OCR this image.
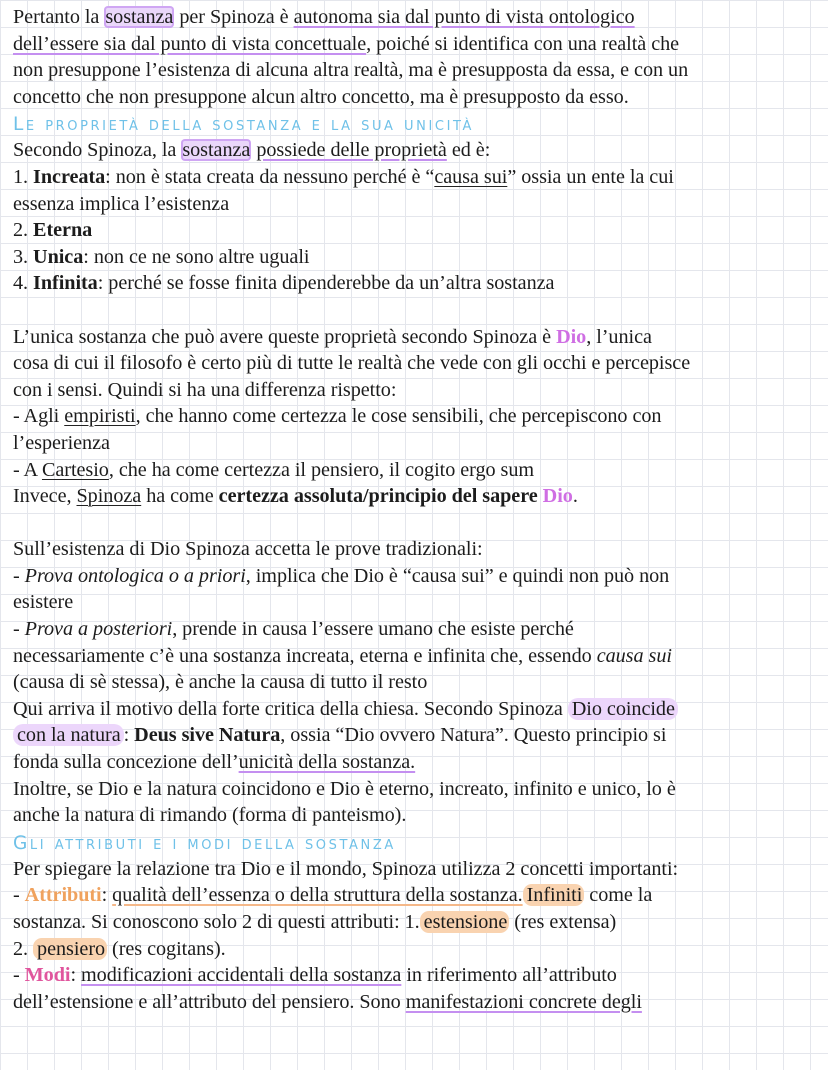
Pertanto la sostanza per Spinoza è autonoma sia dal punto di vista ontologico
dell’essere sia dal punto di vista concettuale, poiché si identifica con una realtà che
non presuppone l’esistenza di alcuna altra realtà, ma è presupposta da essa, e con un
concetto che non presuppone alcun altro concetto, ma è presupposto da esso.
Le proprietà della sostanza e la sua unicità
Secondo Spinoza, la sostanza possiede delle proprietà ed è:
1. Increata: non è stata creata da nessuno perché è “causa sui” ossia un ente la cui
essenza implica l’esistenza
2. Eterna
3. Unica: non ce ne sono altre uguali
4. Infinita: perché se fosse finita dipenderebbe da un’altra sostanza
L’unica sostanza che può avere queste proprietà secondo Spinoza è Dio, l’unica
cosa di cui il filosofo è certo più di tutte le realtà che vede con gli occhi e percepisce
con i sensi. Quindi si ha una differenza rispetto:
- Agli empiristi, che hanno come certezza le cose sensibili, che percepiscono con
l’esperienza
- A Cartesio, che ha come certezza il pensiero, il cogito ergo sum
Invece, Spinoza ha come certezza assoluta/principio del sapere Dio.
Sull’esistenza di Dio Spinoza accetta le prove tradizionali:
- Prova ontologica o a priori, implica che Dio è “causa sui” e quindi non può non
esistere
- Prova a posteriori, prende in causa l’essere umano che esiste perché
necessariamente c’è una sostanza increata, eterna e infinita che, essendo causa sui
(causa di sè stessa), è anche la causa di tutto il resto
Qui arriva il motivo della forte critica della chiesa. Secondo Spinoza Dio coincide
con la natura : Deus sive Natura, ossia “Dio ovvero Natura”. Questo principio si
fonda sulla concezione dell’unicità della sostanza.
Inoltre, se Dio e la natura coincidono e Dio è eterno, increato, infinito e unico, lo è
anche la natura di rimando (forma di panteismo).
Gli attributi e i modi della sostanza
Per spiegare la relazione tra Dio e il mondo, Spinoza utilizza 2 concetti importanti:
- Attributi: qualità dell’essenza o della struttura della sostanza. Infiniti come la
sostanza. Si conoscono solo 2 di questi attributi: 1. estensione (res extensa)
2. pensiero (res cogitans).
- Modi: modificazioni accidentali della sostanza in riferimento all’attributo
dell’estensione e all’attributo del pensiero. Sono manifestazioni concrete degli
